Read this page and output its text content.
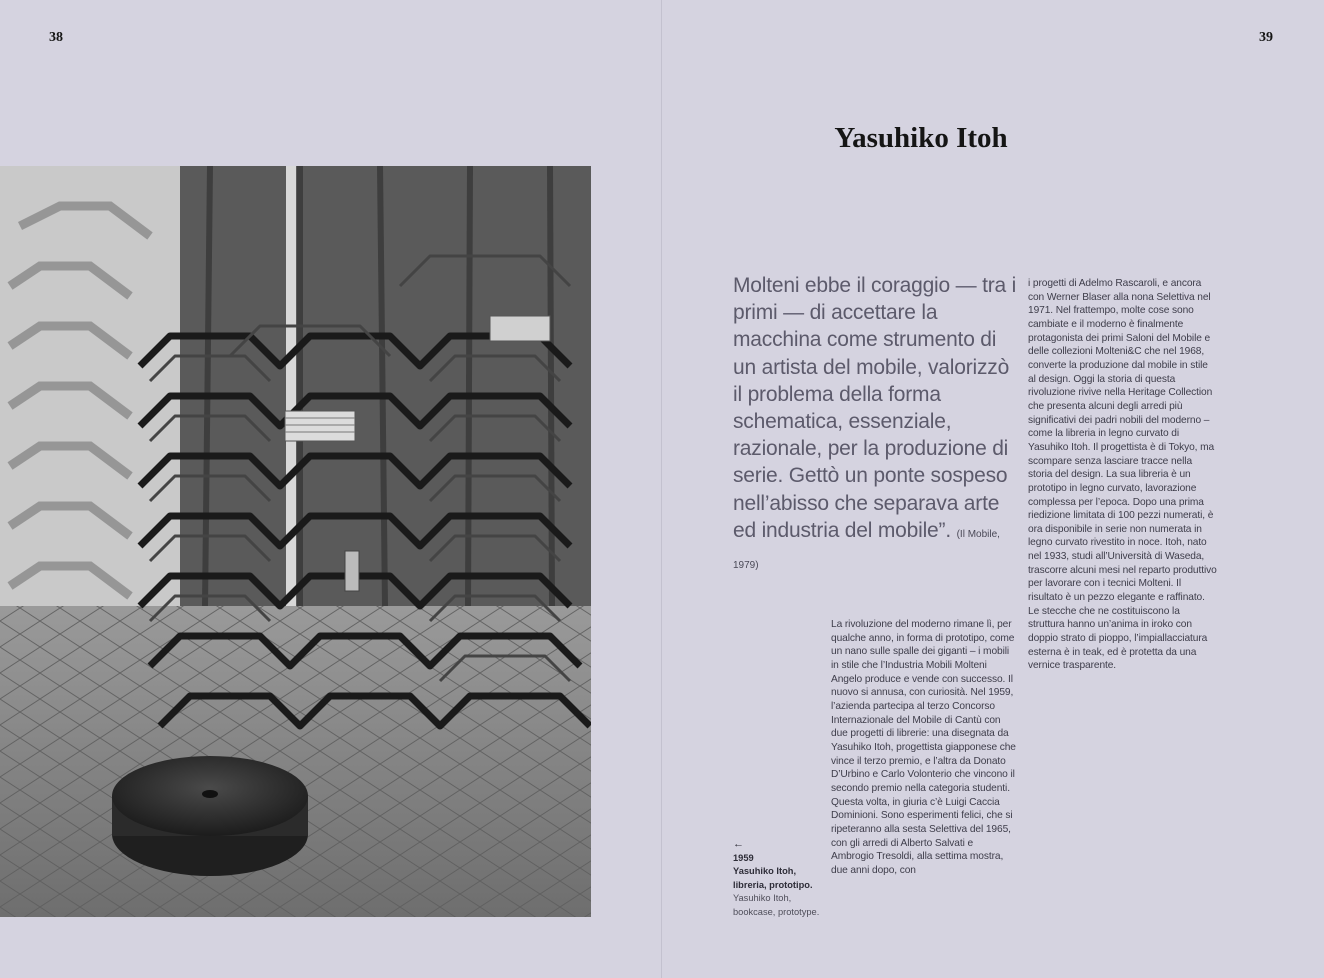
38	39
Yasuhiko Itoh
Molteni ebbe il coraggio — tra i primi — di accettare la macchina come strumento di un artista del mobile, valorizzò il problema della forma schematica, essenziale, razionale, per la produzione di serie. Gettò un ponte sospeso nell’abisso che separava arte ed industria del mobile”. (Il Mobile, 1979)
←
1959
Yasuhiko Itoh, libreria, prototipo.
Yasuhiko Itoh, bookcase, prototype.

La rivoluzione del moderno rimane lì, per qualche anno, in forma di prototipo, come un nano sulle spalle dei giganti – i mobili in stile che l’Industria Mobili Molteni Angelo produce e vende con successo. Il nuovo si annusa, con curiosità. Nel 1959, l’azienda partecipa al terzo Concorso Internazionale del Mobile di Cantù con due progetti di librerie: una disegnata da Yasuhiko Itoh, progettista giapponese che vince il terzo premio, e l’altra da Donato D’Urbino e Carlo Volonterio che vincono il secondo premio nella categoria studenti. Questa volta, in giuria c’è Luigi Caccia Dominioni. Sono esperimenti felici, che si ripeteranno alla sesta Selettiva del 1965, con gli arredi di Alberto Salvati e Ambrogio Tresoldi, alla settima mostra, due anni dopo, con

i progetti di Adelmo Rascaroli, e ancora con Werner Blaser alla nona Selettiva nel 1971. Nel frattempo, molte cose sono cambiate e il moderno è finalmente protagonista dei primi Saloni del Mobile e delle collezioni Molteni&C che nel 1968, converte la produzione dal mobile in stile al design. Oggi la storia di questa rivoluzione rivive nella Heritage Collection che presenta alcuni degli arredi più significativi dei padri nobili del moderno – come la libreria in legno curvato di Yasuhiko Itoh. Il progettista è di Tokyo, ma scompare senza lasciare tracce nella storia del design. La sua libreria è un prototipo in legno curvato, lavorazione complessa per l’epoca. Dopo una prima riedizione limitata di 100 pezzi numerati, è ora disponibile in serie non numerata in legno curvato rivestito in noce. Itoh, nato nel 1933, studi all’Università di Waseda, trascorre alcuni mesi nel reparto produttivo per lavorare con i tecnici Molteni. Il risultato è un pezzo elegante e raffinato. Le stecche che ne costituiscono la struttura hanno un’anima in iroko con doppio strato di pioppo, l’impiallacciatura esterna è in teak, ed è protetta da una vernice trasparente.
